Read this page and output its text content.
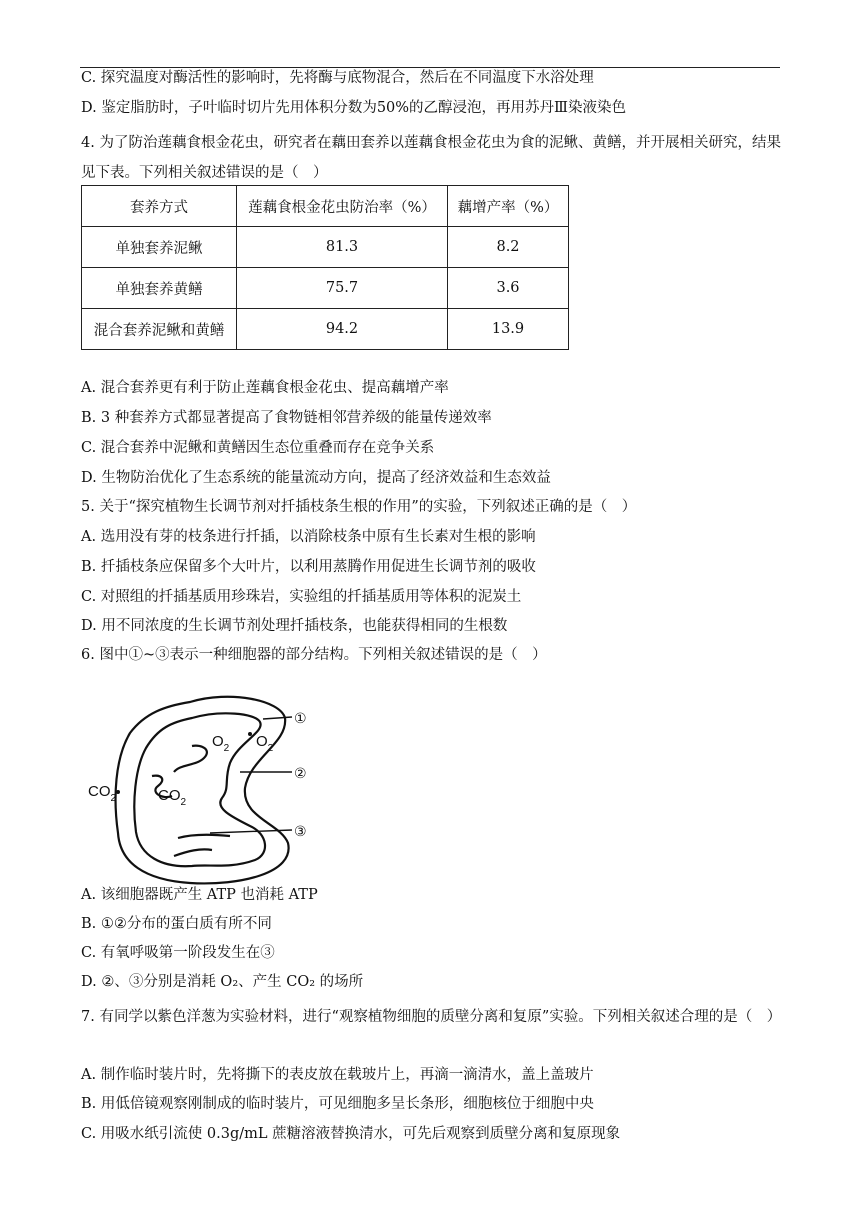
C. 探究温度对酶活性的影响时，先将酶与底物混合，然后在不同温度下水浴处理
D. 鉴定脂肪时，子叶临时切片先用体积分数为50%的乙醇浸泡，再用苏丹Ⅲ染液染色
4. 为了防治莲藕食根金花虫，研究者在藕田套养以莲藕食根金花虫为食的泥鳅、黄鳝，并开展相关研究，结果见下表。下列相关叙述错误的是（　）
套养方式	莲藕食根金花虫防治率（%）	藕增产率（%）
单独套养泥鳅	81.3	8.2
单独套养黄鳝	75.7	3.6
混合套养泥鳅和黄鳝	94.2	13.9
A. 混合套养更有利于防止莲藕食根金花虫、提高藕增产率
B. 3 种套养方式都显著提高了食物链相邻营养级的能量传递效率
C. 混合套养中泥鳅和黄鳝因生态位重叠而存在竞争关系
D. 生物防治优化了生态系统的能量流动方向，提高了经济效益和生态效益
5. 关于“探究植物生长调节剂对扦插枝条生根的作用”的实验，下列叙述正确的是（　）
A. 选用没有芽的枝条进行扦插，以消除枝条中原有生长素对生根的影响
B. 扦插枝条应保留多个大叶片，以利用蒸腾作用促进生长调节剂的吸收
C. 对照组的扦插基质用珍珠岩，实验组的扦插基质用等体积的泥炭土
D. 用不同浓度的生长调节剂处理扦插枝条，也能获得相同的生根数
6. 图中①~③表示一种细胞器的部分结构。下列相关叙述错误的是（　）
$O_2$ $O_2$
$CO_2$	$CO_2$
①
②
③
A. 该细胞器既产生 ATP 也消耗 ATP
B. ①②分布的蛋白质有所不同
C. 有氧呼吸第一阶段发生在③
D. ②、③分别是消耗 O₂、产生 CO₂ 的场所
7. 有同学以紫色洋葱为实验材料，进行“观察植物细胞的质壁分离和复原”实验。下列相关叙述合理的是（　）
A. 制作临时装片时，先将撕下的表皮放在载玻片上，再滴一滴清水，盖上盖玻片
B. 用低倍镜观察刚制成的临时装片，可见细胞多呈长条形，细胞核位于细胞中央
C. 用吸水纸引流使 0.3g/mL 蔗糖溶液替换清水，可先后观察到质壁分离和复原现象
